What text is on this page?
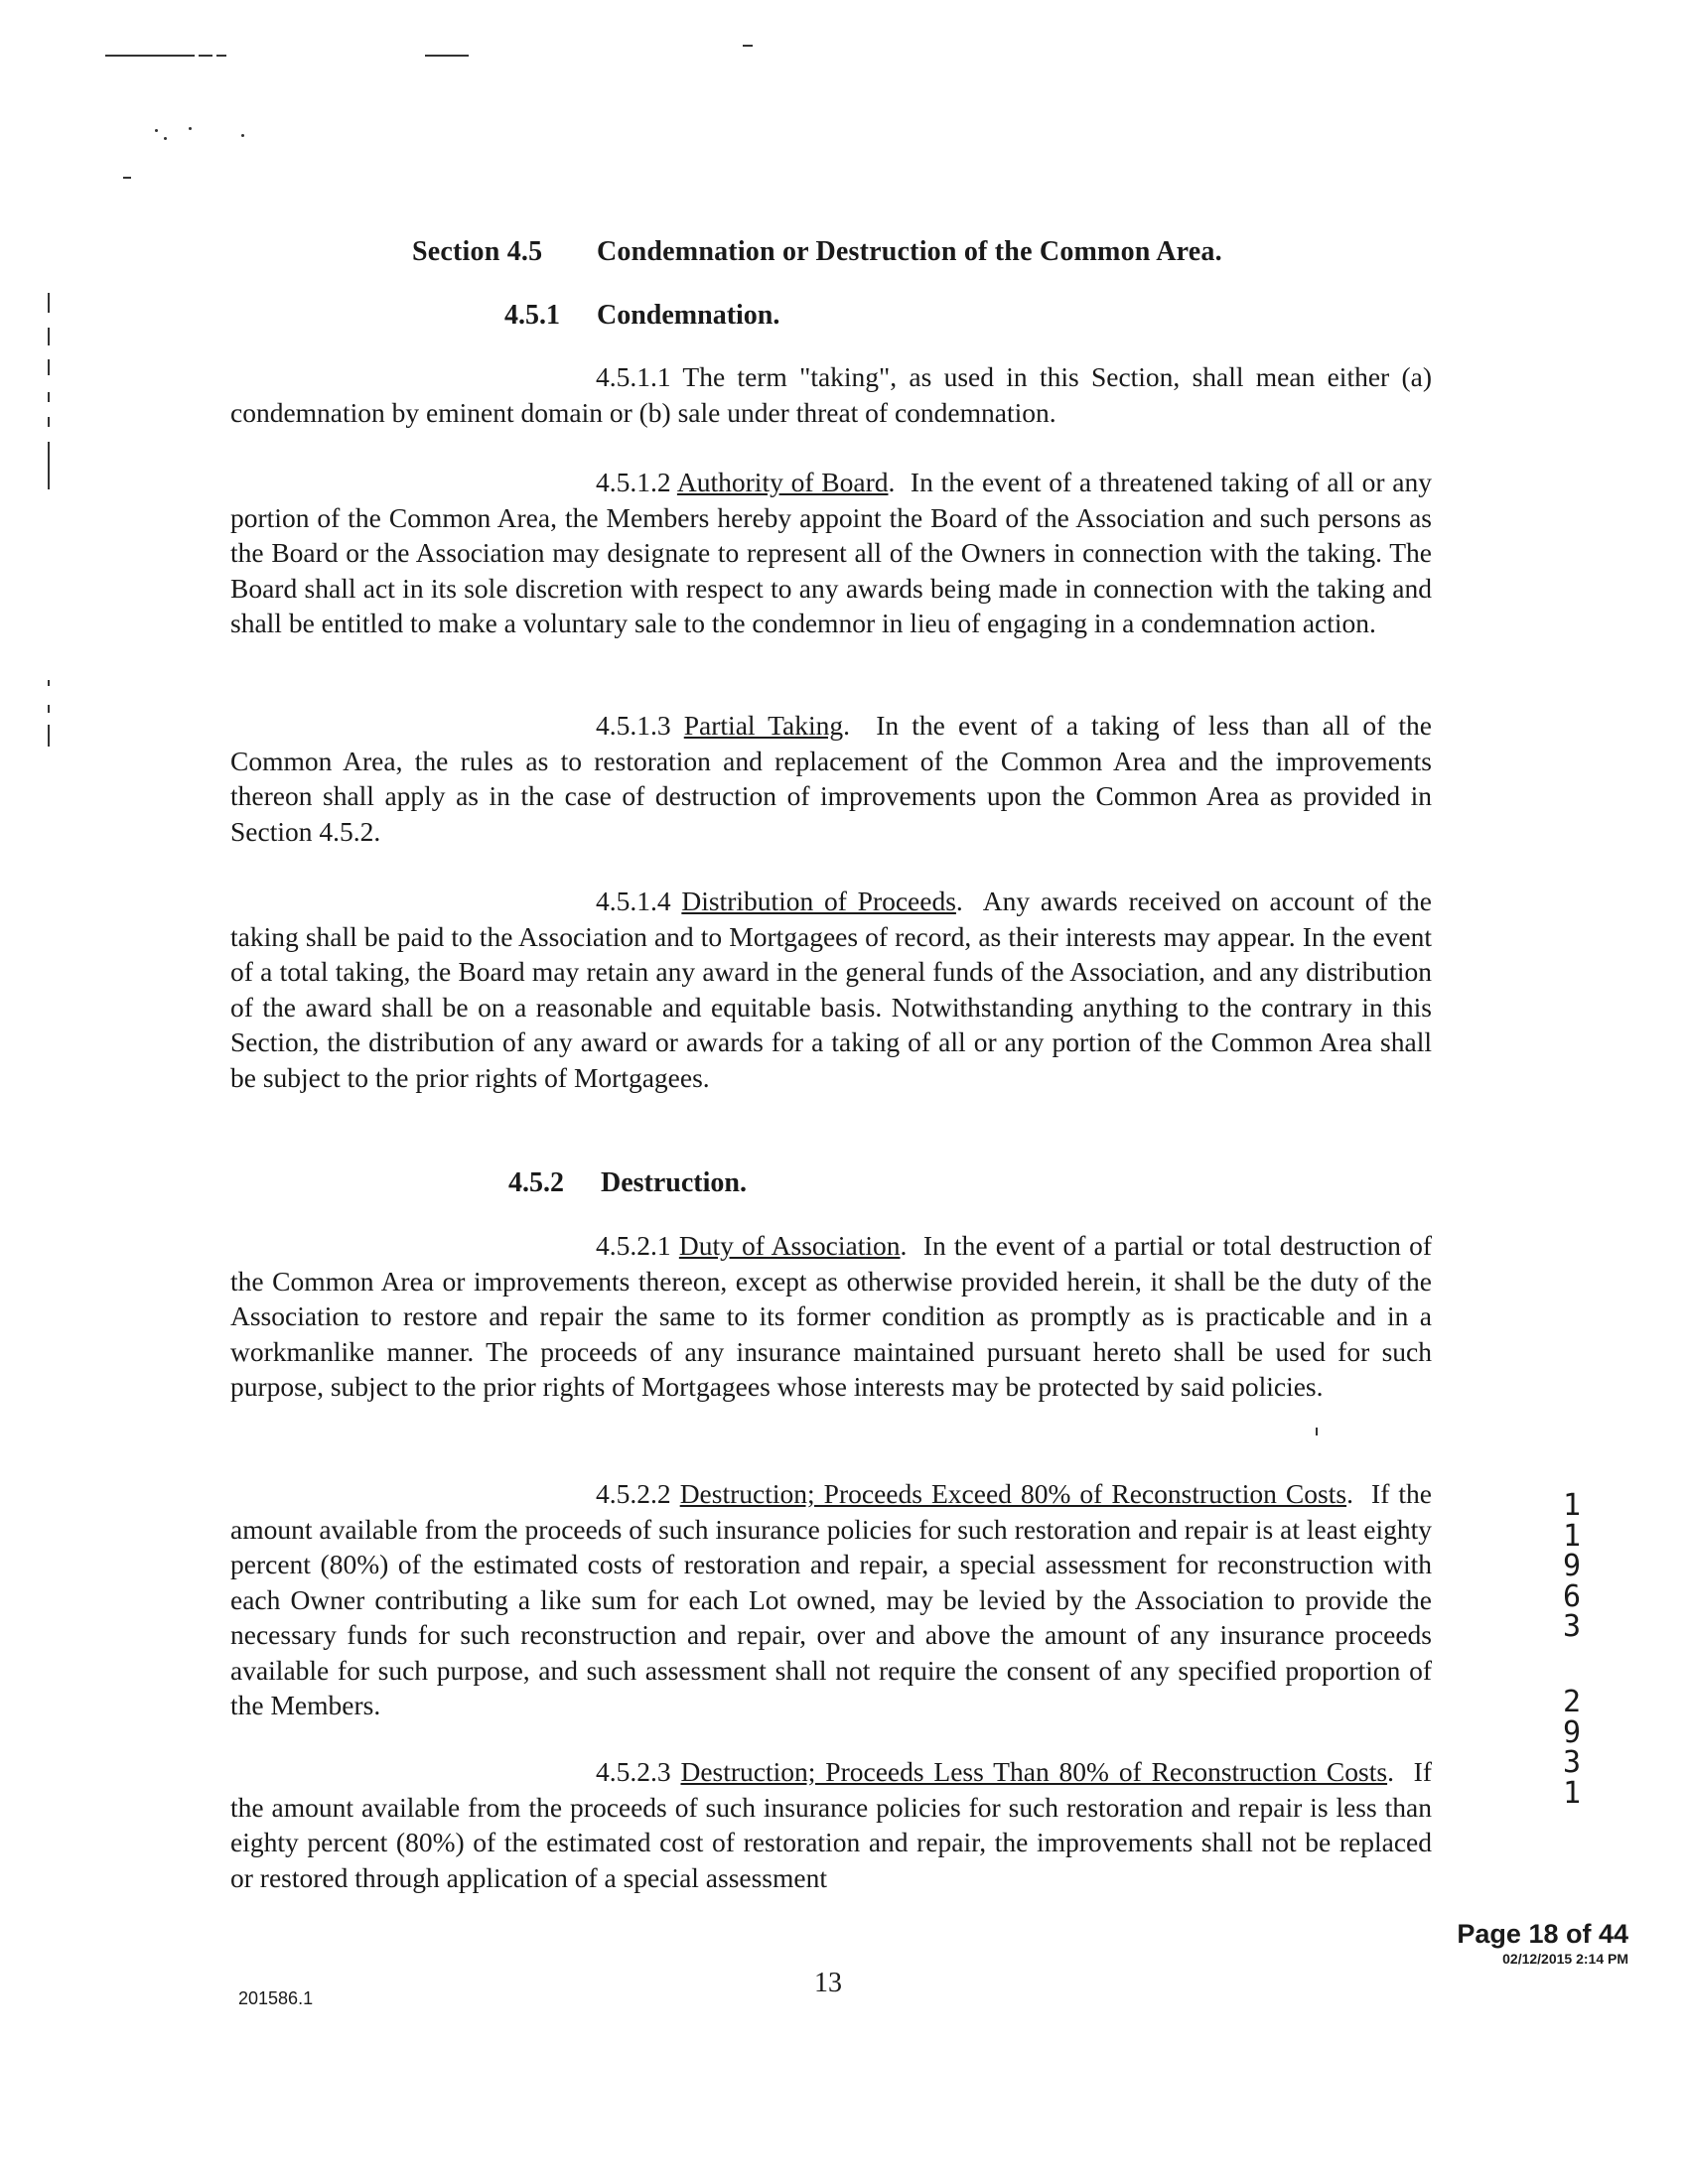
Section 4.5 Condemnation or Destruction of the Common Area.
4.5.1 Condemnation.
4.5.1.1 The term "taking", as used in this Section, shall mean either (a) condemnation by eminent domain or (b) sale under threat of condemnation.
4.5.1.2 Authority of Board.  In the event of a threatened taking of all or any portion of the Common Area, the Members hereby appoint the Board of the Association and such persons as the Board or the Association may designate to represent all of the Owners in connection with the taking. The Board shall act in its sole discretion with respect to any awards being made in connection with the taking and shall be entitled to make a voluntary sale to the condemnor in lieu of engaging in a condemnation action.
4.5.1.3 Partial Taking.  In the event of a taking of less than all of the Common Area, the rules as to restoration and replacement of the Common Area and the improvements thereon shall apply as in the case of destruction of improvements upon the Common Area as provided in Section 4.5.2.
4.5.1.4 Distribution of Proceeds.  Any awards received on account of the taking shall be paid to the Association and to Mortgagees of record, as their interests may appear. In the event of a total taking, the Board may retain any award in the general funds of the Association, and any distribution of the award shall be on a reasonable and equitable basis. Notwithstanding anything to the contrary in this Section, the distribution of any award or awards for a taking of all or any portion of the Common Area shall be subject to the prior rights of Mortgagees.
4.5.2 Destruction.
4.5.2.1 Duty of Association.  In the event of a partial or total destruction of the Common Area or improvements thereon, except as otherwise provided herein, it shall be the duty of the Association to restore and repair the same to its former condition as promptly as is practicable and in a workmanlike manner. The proceeds of any insurance maintained pursuant hereto shall be used for such purpose, subject to the prior rights of Mortgagees whose interests may be protected by said policies.
4.5.2.2 Destruction; Proceeds Exceed 80% of Reconstruction Costs.  If the amount available from the proceeds of such insurance policies for such restoration and repair is at least eighty percent (80%) of the estimated costs of restoration and repair, a special assessment for reconstruction with each Owner contributing a like sum for each Lot owned, may be levied by the Association to provide the necessary funds for such reconstruction and repair, over and above the amount of any insurance proceeds available for such purpose, and such assessment shall not require the consent of any specified proportion of the Members.
4.5.2.3 Destruction; Proceeds Less Than 80% of Reconstruction Costs.  If the amount available from the proceeds of such insurance policies for such restoration and repair is less than eighty percent (80%) of the estimated cost of restoration and repair, the improvements shall not be replaced or restored through application of a special assessment
1
1
9
6
3
2
9
3
1
Page 18 of 44
02/12/2015 2:14 PM
13
201586.1
